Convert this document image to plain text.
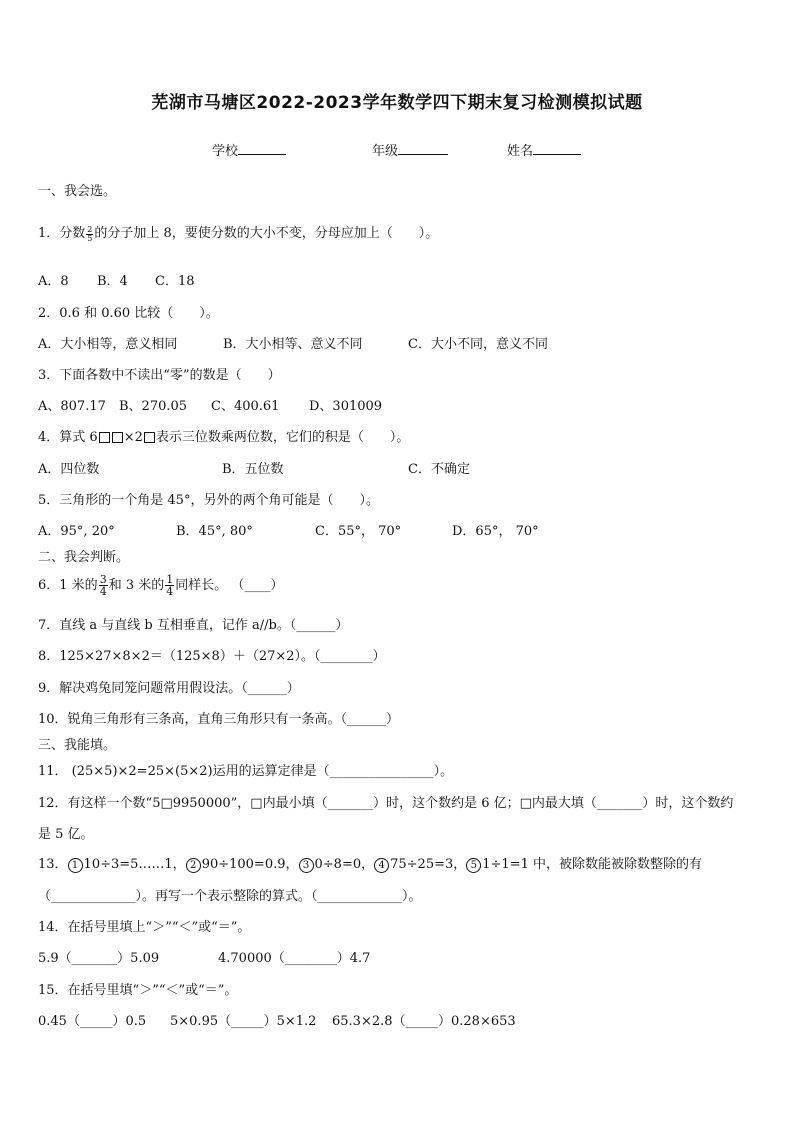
芜湖市马塘区2022-2023学年数学四下期末复习检测模拟试题
学校	年级	姓名
一、我会选。
1．分数 $\frac{2}{5}$ 的分子加上 8，要使分数的大小不变，分母应加上（　　）。
A．8 B．4 C．18
2．0.6 和 0.60 比较（　　）。
A．大小相等，意义相同	B．大小相等、意义不同	C．大小不同，意义不同
3．下面各数中不读出“零”的数是（　　）
A、807.17 B、270.05 C、400.61 D、301009
4．算式 6 ×2 表示三位数乘两位数，它们的积是（　　）。
A．四位数	B．五位数	C．不确定
5．三角形的一个角是 45°，另外的两个角可能是（　　）。
A．95°, 20°	B．45°, 80°	C．55°， 70°	D．65°， 70°
二、我会判断。
6．1 米的 $\frac{3}{4}$ 和 3 米的 $\frac{1}{4}$ 同样长。 （____）
7．直线 a 与直线 b 互相垂直，记作 a//b。（______）
8．125×27×8×2＝（125×8）＋（27×2）。（________）
9．解决鸡兔同笼问题常用假设法。（______）
10．锐角三角形有三条高，直角三角形只有一条高。（______）
三、我能填。
11． (25×5)×2=25×(5×2)运用的运算定律是（________________）。
12．有这样一个数“5□9950000”，□内最小填（_______）时，这个数约是 6 亿；□内最大填（_______）时，这个数约
是 5 亿。
13． 1 10÷3=5……1， 2 90÷100=0.9， 3 0÷8=0， 4 75÷25=3， 5 1÷1=1 中，被除数能被除数整除的有
（_____________）。再写一个表示整除的算式。（_____________）。
14．在括号里填上“＞”“＜”或“＝”。
5.9（_______）5.09	4.70000（________）4.7
15．在括号里填“＞”“＜”或“＝”。
0.45（_____）0.5 5×0.95（_____）5×1.2 65.3×2.8（_____）0.28×653
